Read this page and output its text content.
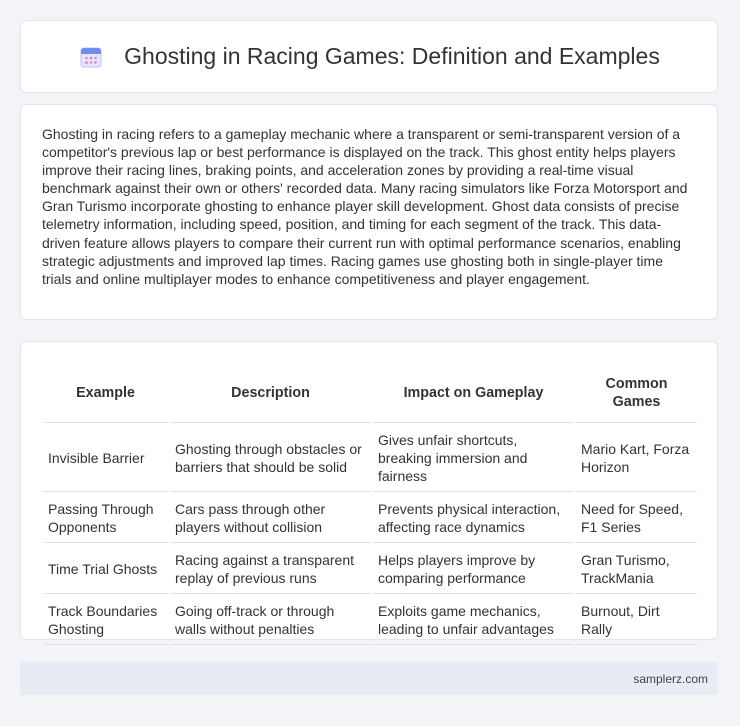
Ghosting in Racing Games: Definition and Examples

Ghosting in racing refers to a gameplay mechanic where a transparent or semi-transparent version of a competitor's previous lap or best performance is displayed on the track. This ghost entity helps players improve their racing lines, braking points, and acceleration zones by providing a real-time visual benchmark against their own or others' recorded data. Many racing simulators like Forza Motorsport and Gran Turismo incorporate ghosting to enhance player skill development. Ghost data consists of precise telemetry information, including speed, position, and timing for each segment of the track. This data-driven feature allows players to compare their current run with optimal performance scenarios, enabling strategic adjustments and improved lap times. Racing games use ghosting both in single-player time trials and online multiplayer modes to enhance competitiveness and player engagement.

Example	Description	Impact on Gameplay	Common Games
Invisible Barrier	Ghosting through obstacles or barriers that should be solid	Gives unfair shortcuts, breaking immersion and fairness	Mario Kart, Forza Horizon
Passing Through Opponents	Cars pass through other players without collision	Prevents physical interaction, affecting race dynamics	Need for Speed, F1 Series
Time Trial Ghosts	Racing against a transparent replay of previous runs	Helps players improve by comparing performance	Gran Turismo, TrackMania
Track Boundaries Ghosting	Going off-track or through walls without penalties	Exploits game mechanics, leading to unfair advantages	Burnout, Dirt Rally
samplerz.com
